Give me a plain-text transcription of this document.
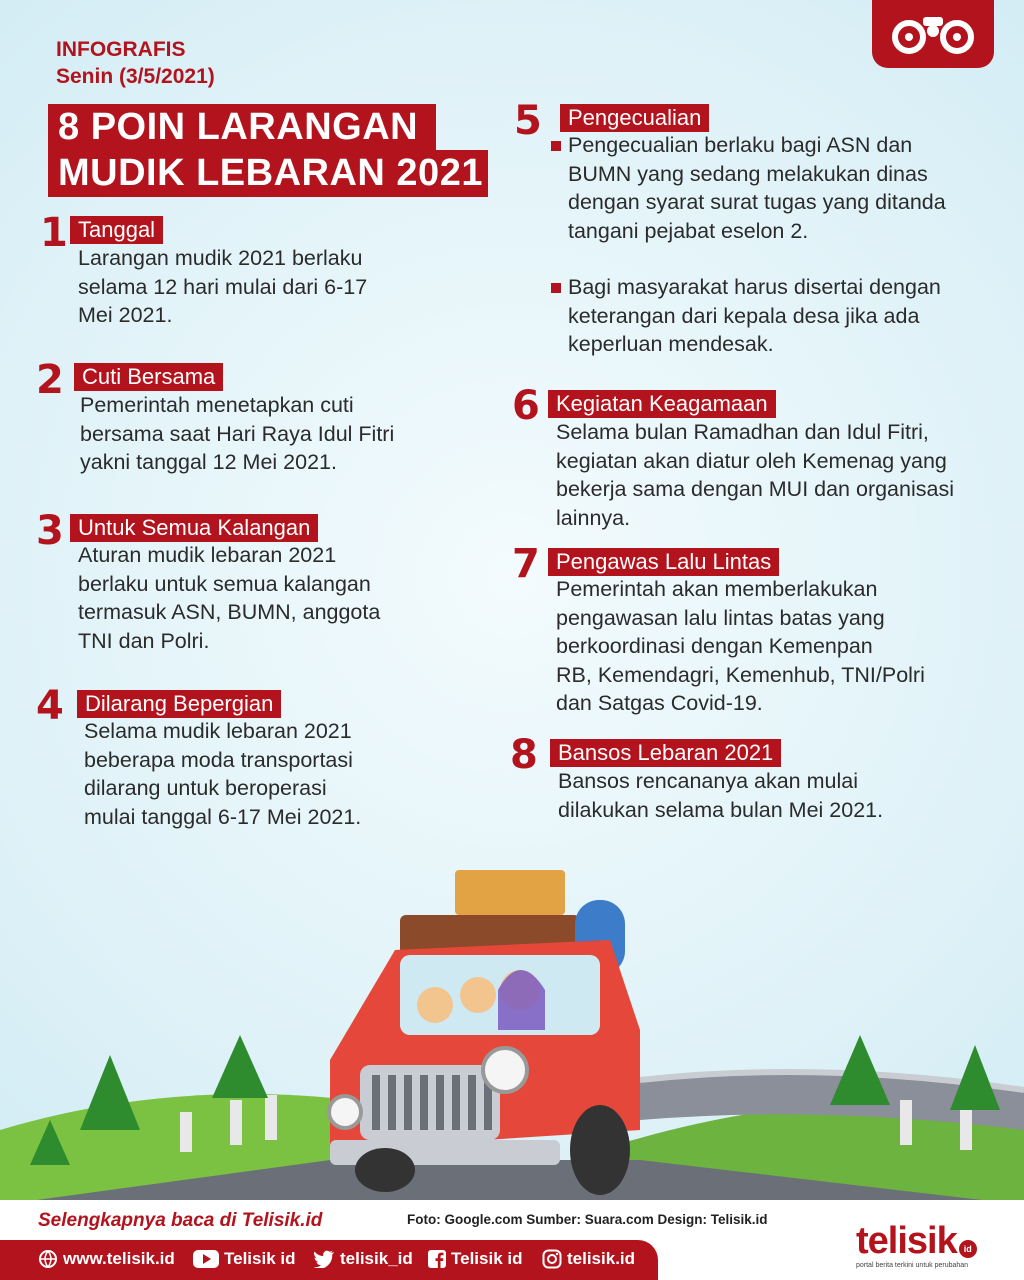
INFOGRAFIS
Senin (3/5/2021)
8 POIN LARANGAN
MUDIK LEBARAN 2021
1 Tanggal
Larangan mudik 2021 berlaku
selama 12 hari mulai dari 6-17
Mei 2021.
2 Cuti Bersama
Pemerintah menetapkan cuti
bersama saat Hari Raya Idul Fitri
yakni tanggal 12 Mei 2021.
3 Untuk Semua Kalangan
Aturan mudik lebaran 2021
berlaku untuk semua kalangan
termasuk ASN, BUMN, anggota
TNI dan Polri.
4 Dilarang Bepergian
Selama mudik lebaran 2021
beberapa moda transportasi
dilarang untuk beroperasi
mulai tanggal 6-17 Mei 2021.
5	Pengecualian
Pengecualian berlaku bagi ASN dan
BUMN yang sedang melakukan dinas
dengan syarat surat tugas yang ditanda
tangani pejabat eselon 2.
Bagi masyarakat harus disertai dengan
keterangan dari kepala desa jika ada
keperluan mendesak.
6 Kegiatan Keagamaan
Selama bulan Ramadhan dan Idul Fitri,
kegiatan akan diatur oleh Kemenag yang
bekerja sama dengan MUI dan organisasi
lainnya.
7 Pengawas Lalu Lintas
Pemerintah akan memberlakukan
pengawasan lalu lintas batas yang
berkoordinasi dengan Kemenpan
RB, Kemendagri, Kemenhub, TNI/Polri
dan Satgas Covid-19.
8 Bansos Lebaran 2021
Bansos rencananya akan mulai
dilakukan selama bulan Mei 2021.
Selengkapnya baca di Telisik.id	Foto: Google.com Sumber: Suara.com Design: Telisik.id
www.telisik.id	Telisik id	telisik_id Telisik id	telisik.id	telisik id
portal berita terkini untuk perubahan
